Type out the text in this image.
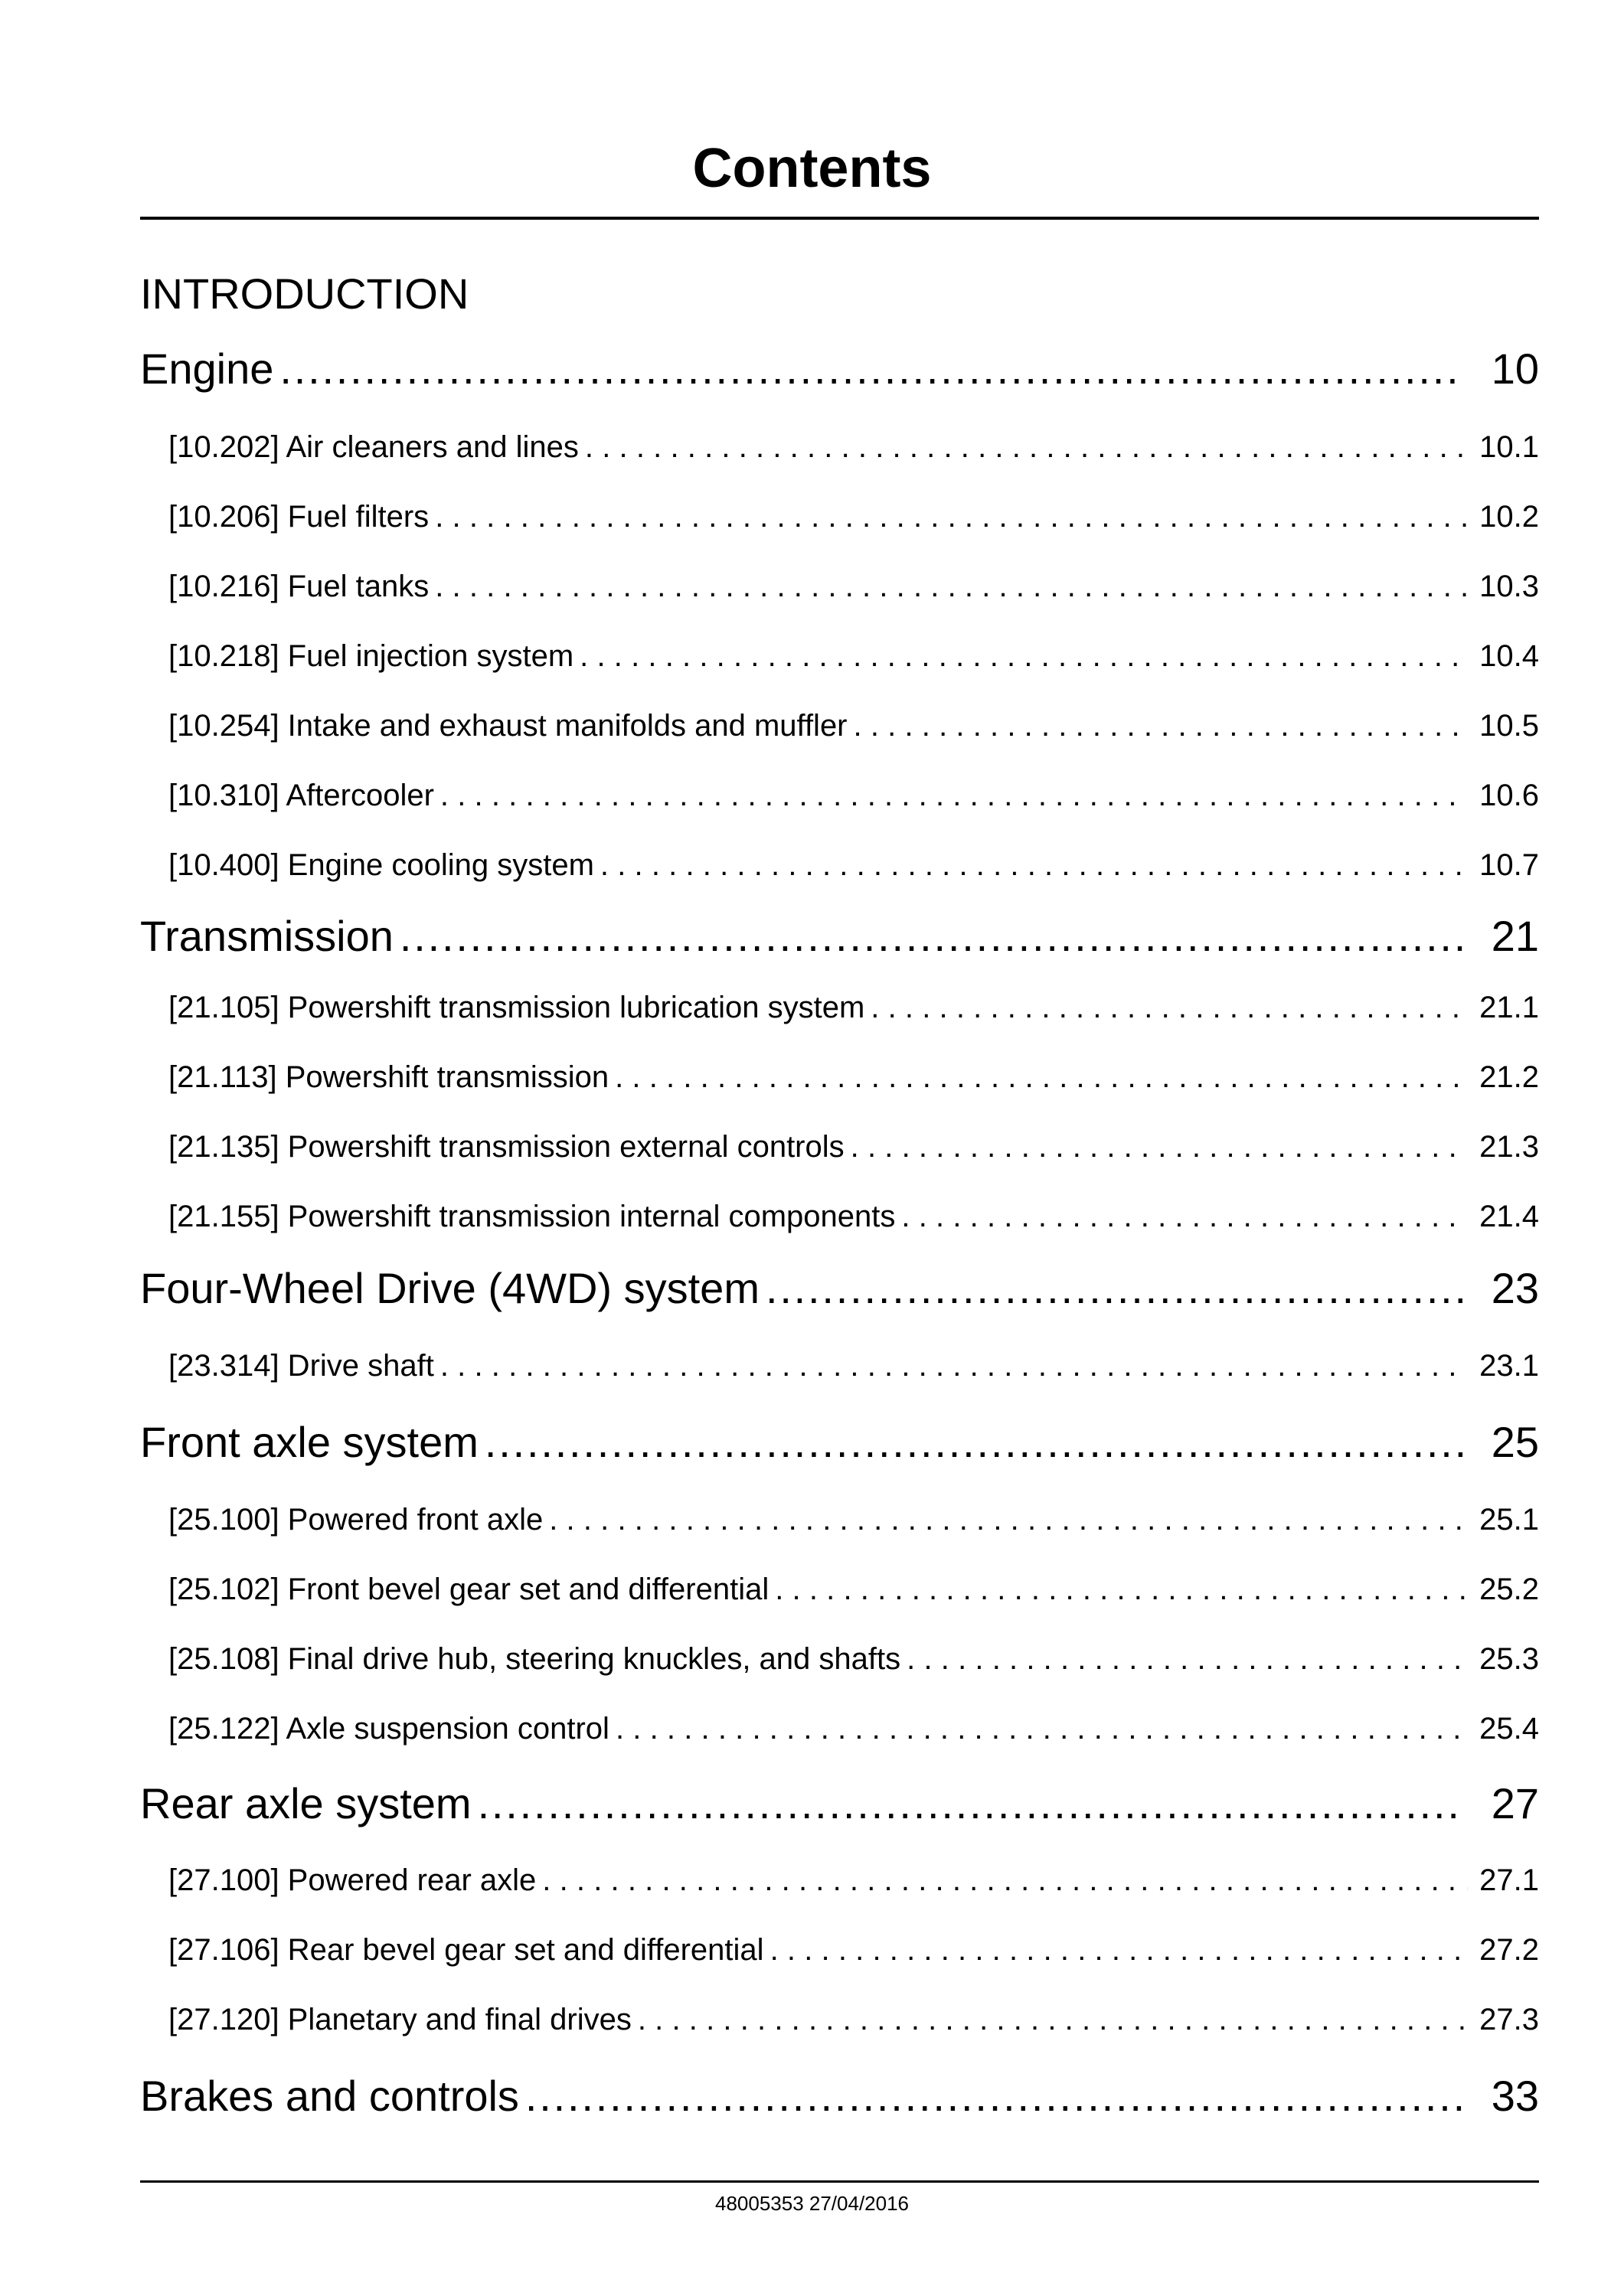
Contents
INTRODUCTION
Engine .....	10
[10.202] Air cleaners and lines .....	10.1
[10.206] Fuel filters .....	10.2
[10.216] Fuel tanks .....	10.3
[10.218] Fuel injection system .....	10.4
[10.254] Intake and exhaust manifolds and muffler .....	10.5
[10.310] Aftercooler .....	10.6
[10.400] Engine cooling system .....	10.7
Transmission .....	21
[21.105] Powershift transmission lubrication system .....	21.1
[21.113] Powershift transmission .....	21.2
[21.135] Powershift transmission external controls .....	21.3
[21.155] Powershift transmission internal components .....	21.4
Four-Wheel Drive (4WD) system .....	23
[23.314] Drive shaft .....	23.1
Front axle system .....	25
[25.100] Powered front axle .....	25.1
[25.102] Front bevel gear set and differential .....	25.2
[25.108] Final drive hub, steering knuckles, and shafts .....	25.3
[25.122] Axle suspension control .....	25.4
Rear axle system .....	27
[27.100] Powered rear axle .....	27.1
[27.106] Rear bevel gear set and differential .....	27.2
[27.120] Planetary and final drives .....	27.3
Brakes and controls .....	33
48005353 27/04/2016
